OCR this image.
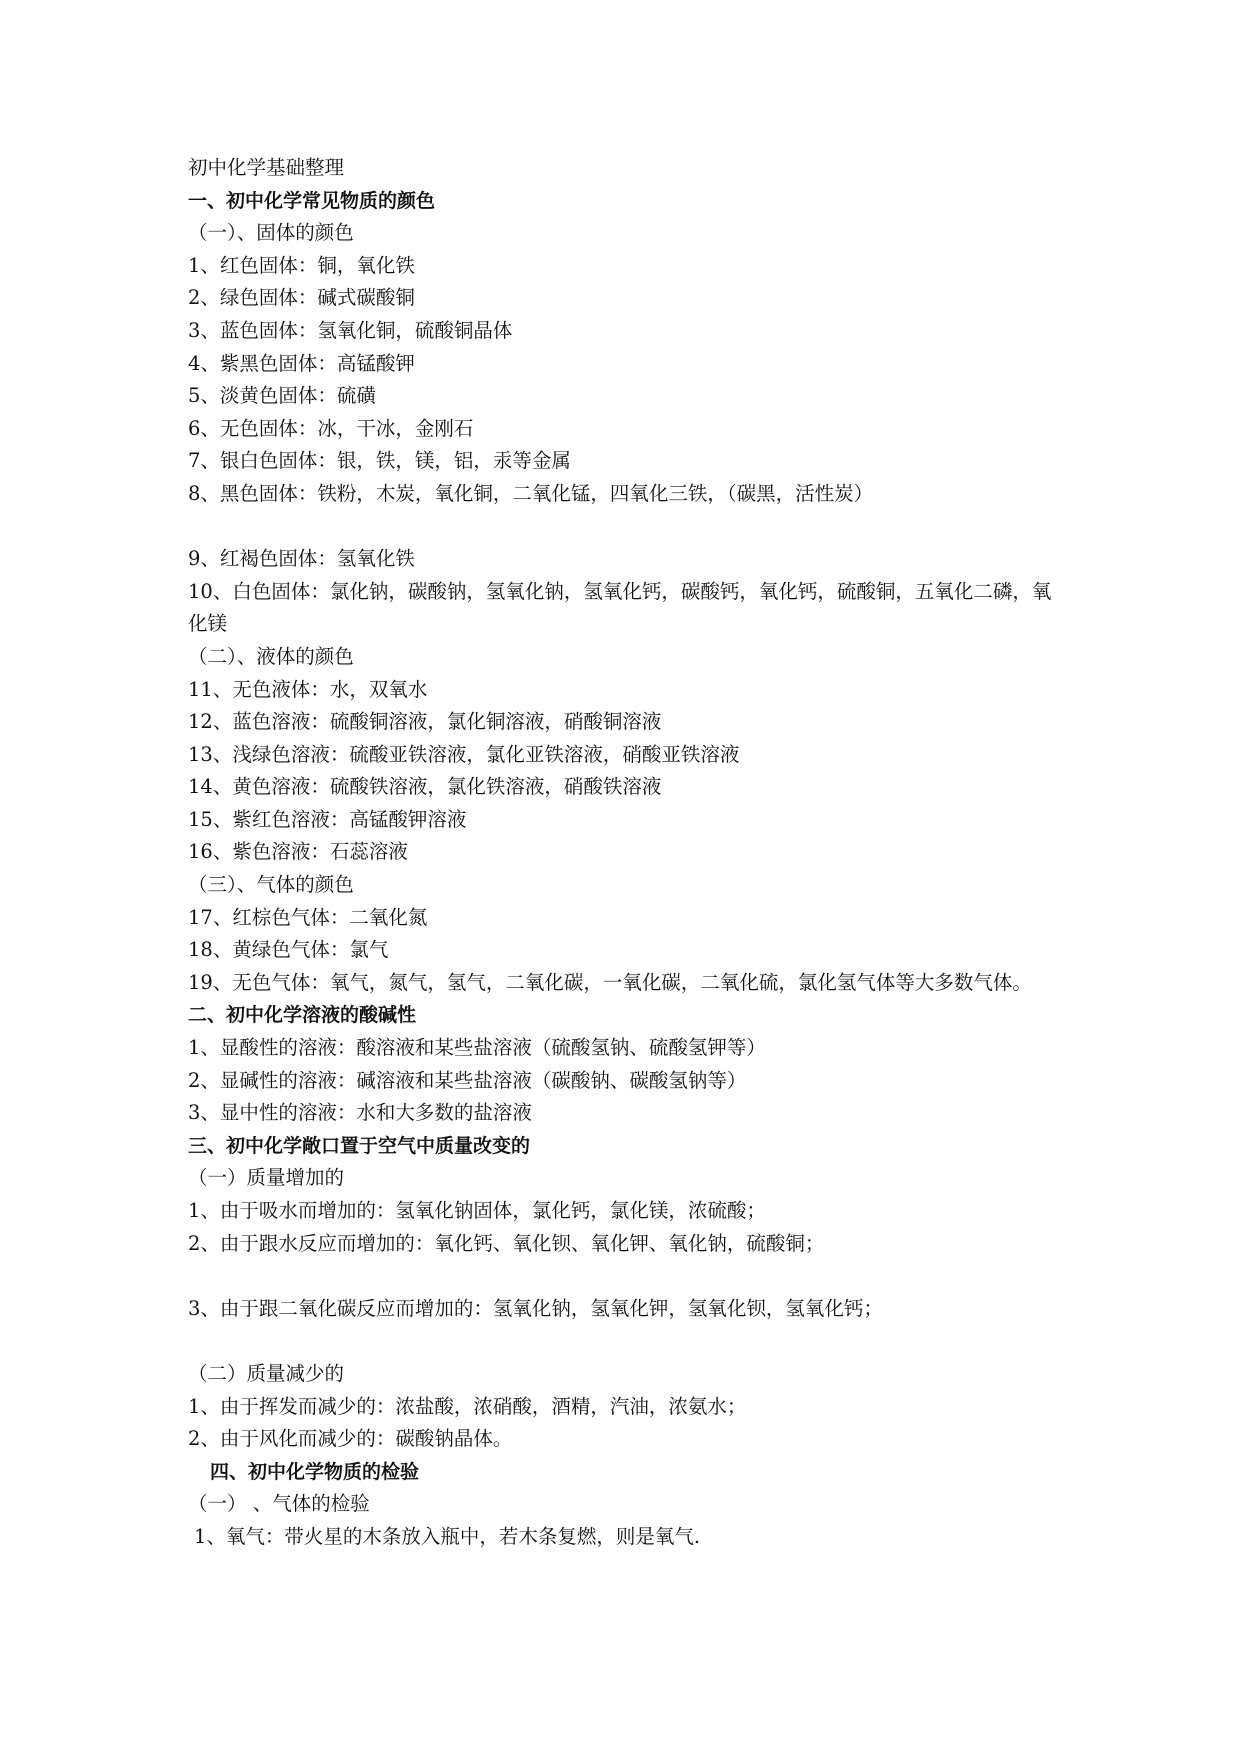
初中化学基础整理
一、初中化学常见物质的颜色
（一）、固体的颜色
1、红色固体：铜，氧化铁
2、绿色固体：碱式碳酸铜
3、蓝色固体：氢氧化铜，硫酸铜晶体
4、紫黑色固体：高锰酸钾
5、淡黄色固体：硫磺
6、无色固体：冰，干冰，金刚石
7、银白色固体：银，铁，镁，铝，汞等金属
8、黑色固体：铁粉，木炭，氧化铜，二氧化锰，四氧化三铁，（碳黑，活性炭）
9、红褐色固体：氢氧化铁
10、白色固体：氯化钠，碳酸钠，氢氧化钠，氢氧化钙，碳酸钙，氧化钙，硫酸铜，五氧化二磷，氧化镁
（二）、液体的颜色
11、无色液体：水，双氧水
12、蓝色溶液：硫酸铜溶液，氯化铜溶液，硝酸铜溶液
13、浅绿色溶液：硫酸亚铁溶液，氯化亚铁溶液，硝酸亚铁溶液
14、黄色溶液：硫酸铁溶液，氯化铁溶液，硝酸铁溶液
15、紫红色溶液：高锰酸钾溶液
16、紫色溶液：石蕊溶液
（三）、气体的颜色
17、红棕色气体：二氧化氮
18、黄绿色气体：氯气
19、无色气体：氧气，氮气，氢气，二氧化碳，一氧化碳，二氧化硫，氯化氢气体等大多数气体。
二、初中化学溶液的酸碱性
1、显酸性的溶液：酸溶液和某些盐溶液（硫酸氢钠、硫酸氢钾等）
2、显碱性的溶液：碱溶液和某些盐溶液（碳酸钠、碳酸氢钠等）
3、显中性的溶液：水和大多数的盐溶液
三、初中化学敞口置于空气中质量改变的
（一）质量增加的
1、由于吸水而增加的：氢氧化钠固体，氯化钙，氯化镁，浓硫酸；
2、由于跟水反应而增加的：氧化钙、氧化钡、氧化钾、氧化钠，硫酸铜；
3、由于跟二氧化碳反应而增加的：氢氧化钠，氢氧化钾，氢氧化钡，氢氧化钙；
（二）质量减少的
1、由于挥发而减少的：浓盐酸，浓硝酸，酒精，汽油，浓氨水；
2、由于风化而减少的：碳酸钠晶体。
四、初中化学物质的检验
（一） 、气体的检验
1、氧气：带火星的木条放入瓶中，若木条复燃，则是氧气.
